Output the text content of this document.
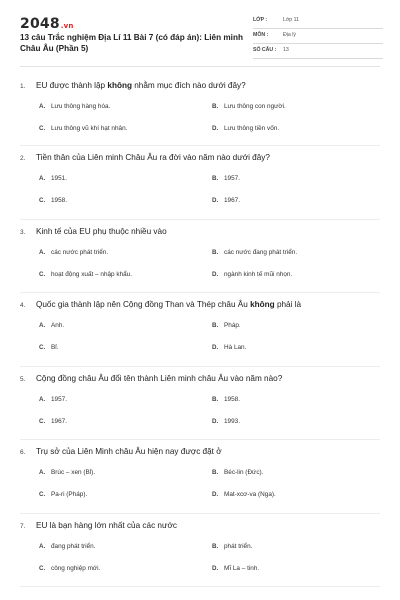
2048.vn
13 câu Trắc nghiệm Địa Lí 11 Bài 7 (có đáp án): Liên minh Châu Âu (Phần 5)
LỚP :	Lớp 11
MÔN :	Địa lý
SỐ CÂU : 13
1. EU được thành lập không nhằm mục đích nào dưới đây?
A. Lưu thông hàng hóa.	B. Lưu thông con người.
C. Lưu thông vũ khí hạt nhân.	D. Lưu thông tiền vốn.
2. Tiền thân của Liên minh Châu Âu ra đời vào năm nào dưới đây?
A. 1951.	B. 1957.
C. 1958.	D. 1967.
3. Kinh tế của EU phụ thuộc nhiều vào
A. các nước phát triển.	B. các nước đang phát triển.
C. hoạt động xuất – nhập khẩu.	D. ngành kinh tế mũi nhọn.
4. Quốc gia thành lập nên Cộng đồng Than và Thép châu Âu không phải là
A. Anh.	B. Pháp.
C. Bỉ.	D. Hà Lan.
5. Cộng đồng châu Âu đổi tên thành Liên minh châu Âu vào năm nào?
A. 1957.	B. 1958.
C. 1967.	D. 1993.
6. Trụ sở của Liên Minh châu Âu hiện nay được đặt ở
A. Brúc – xen (Bỉ).	B. Béc-lin (Đức).
C. Pa-ri (Pháp).	D. Mat-xcơ-va (Nga).
7. EU là bạn hàng lớn nhất của các nước
A. đang phát triển.	B. phát triển.
C. công nghiệp mới.	D. Mĩ La – tinh.
